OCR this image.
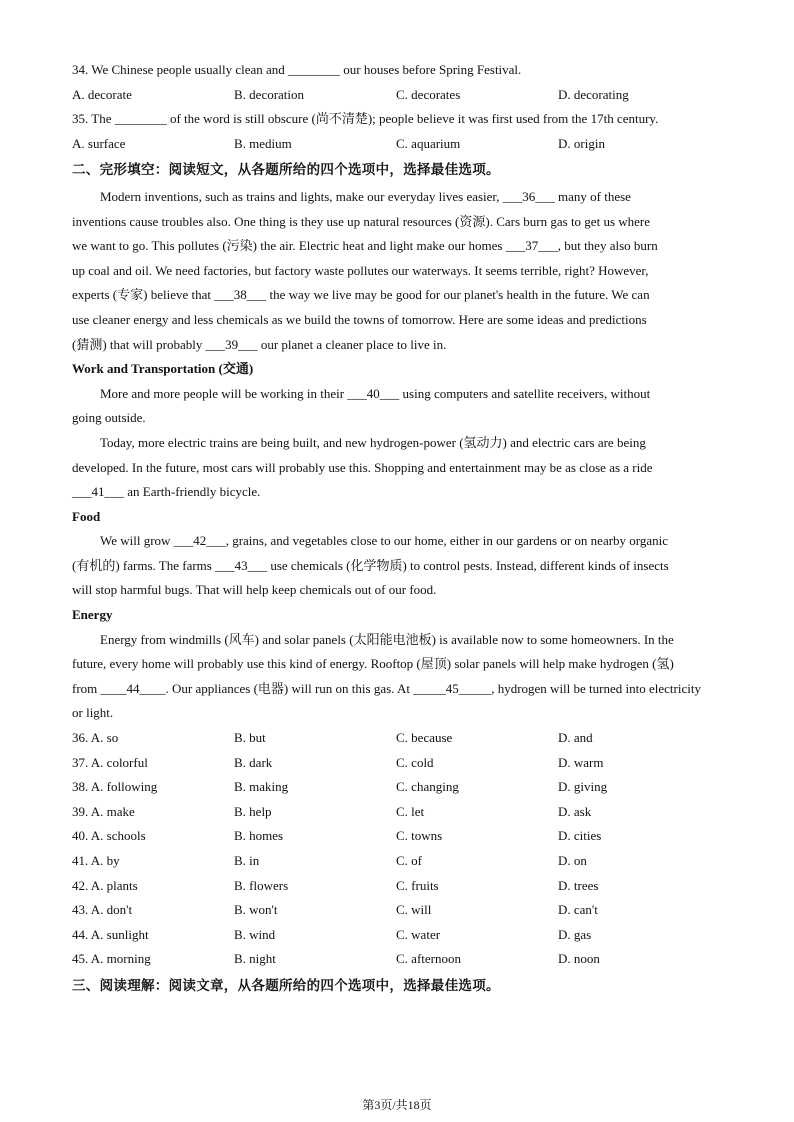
34. We Chinese people usually clean and ________ our houses before Spring Festival.
A. decorate	B. decoration	C. decorates	D. decorating
35. The ________ of the word is still obscure (尚不清楚); people believe it was first used from the 17th century.
A. surface	B. medium	C. aquarium	D. origin
二、完形填空：阅读短文，从各题所给的四个选项中，选择最佳选项。
Modern inventions, such as trains and lights, make our everyday lives easier, ___36___ many of these
inventions cause troubles also. One thing is they use up natural resources (资源). Cars burn gas to get us where
we want to go. This pollutes (污染) the air. Electric heat and light make our homes ___37___, but they also burn
up coal and oil. We need factories, but factory waste pollutes our waterways. It seems terrible, right? However,
experts (专家) believe that ___38___ the way we live may be good for our planet's health in the future. We can
use cleaner energy and less chemicals as we build the towns of tomorrow. Here are some ideas and predictions
(猜测) that will probably ___39___ our planet a cleaner place to live in.
Work and Transportation (交通)
More and more people will be working in their ___40___ using computers and satellite receivers, without
going outside.
Today, more electric trains are being built, and new hydrogen-power (氢动力) and electric cars are being
developed. In the future, most cars will probably use this. Shopping and entertainment may be as close as a ride
___41___ an Earth-friendly bicycle.
Food
We will grow ___42___, grains, and vegetables close to our home, either in our gardens or on nearby organic
(有机的) farms. The farms ___43___ use chemicals (化学物质) to control pests. Instead, different kinds of insects
will stop harmful bugs. That will help keep chemicals out of our food.
Energy
Energy from windmills (风车) and solar panels (太阳能电池板) is available now to some homeowners. In the
future, every home will probably use this kind of energy. Rooftop (屋顶) solar panels will help make hydrogen (氢)
from ____44____. Our appliances (电器) will run on this gas. At _____45_____, hydrogen will be turned into electricity
or light.
36. A. so	B. but	C. because	D. and
37. A. colorful	B. dark	C. cold	D. warm
38. A. following	B. making	C. changing	D. giving
39. A. make	B. help	C. let	D. ask
40. A. schools	B. homes	C. towns	D. cities
41. A. by	B. in	C. of	D. on
42. A. plants	B. flowers	C. fruits	D. trees
43. A. don't	B. won't	C. will	D. can't
44. A. sunlight	B. wind	C. water	D. gas
45. A. morning	B. night	C. afternoon	D. noon
三、阅读理解：阅读文章，从各题所给的四个选项中，选择最佳选项。
第3页/共18页
